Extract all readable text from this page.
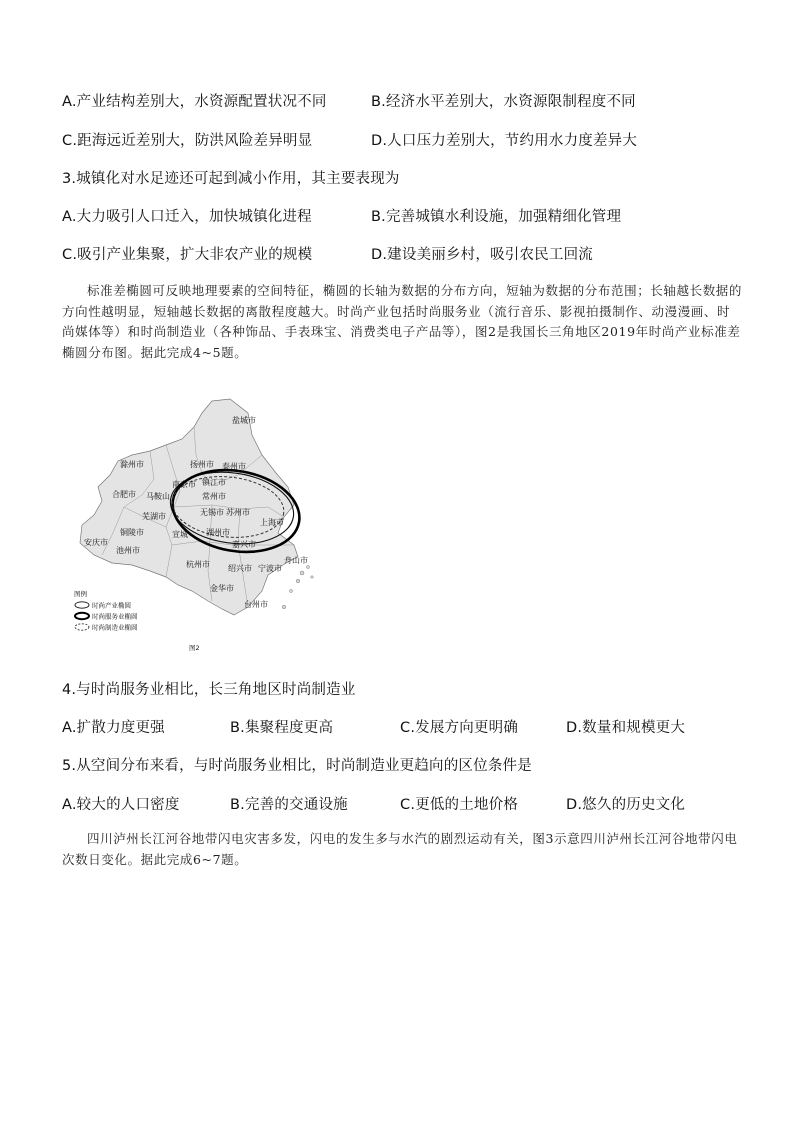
A.产业结构差别大，水资源配置状况不同	B.经济水平差别大，水资源限制程度不同
C.距海远近差别大，防洪风险差异明显	D.人口压力差别大，节约用水力度差异大
3.城镇化对水足迹还可起到减小作用，其主要表现为
A.大力吸引人口迁入，加快城镇化进程	B.完善城镇水利设施，加强精细化管理
C.吸引产业集聚，扩大非农产业的规模	D.建设美丽乡村，吸引农民工回流

标准差椭圆可反映地理要素的空间特征，椭圆的长轴为数据的分布方向，短轴为数据的分布范围；长轴越长数据的方向性越明显，短轴越长数据的离散程度越大。时尚产业包括时尚服务业（流行音乐、影视拍摄制作、动漫漫画、时尚媒体等）和时尚制造业（各种饰品、手表珠宝、消费类电子产品等），图2是我国长三角地区2019年时尚产业标准差椭圆分布图。据此完成4~5题。

盐城市
滁州市	扬州市 泰州市
南京市 镇江市
合肥市 马鞍山	常州市
芜湖市	无锡市 苏州市
上海市
铜陵市	宣城 湖州市
嘉兴市
安庆市
池州市
杭州市 绍兴市 宁波市
舟山市
金华市
台州市
图例
时尚产业椭圆
时尚服务业椭圆
时尚制造业椭圆
图2
4.与时尚服务业相比，长三角地区时尚制造业
A.扩散力度更强	B.集聚程度更高	C.发展方向更明确	D.数量和规模更大
5.从空间分布来看，与时尚服务业相比，时尚制造业更趋向的区位条件是
A.较大的人口密度	B.完善的交通设施	C.更低的土地价格	D.悠久的历史文化

四川泸州长江河谷地带闪电灾害多发，闪电的发生多与水汽的剧烈运动有关，图3示意四川泸州长江河谷地带闪电次数日变化。据此完成6~7题。
